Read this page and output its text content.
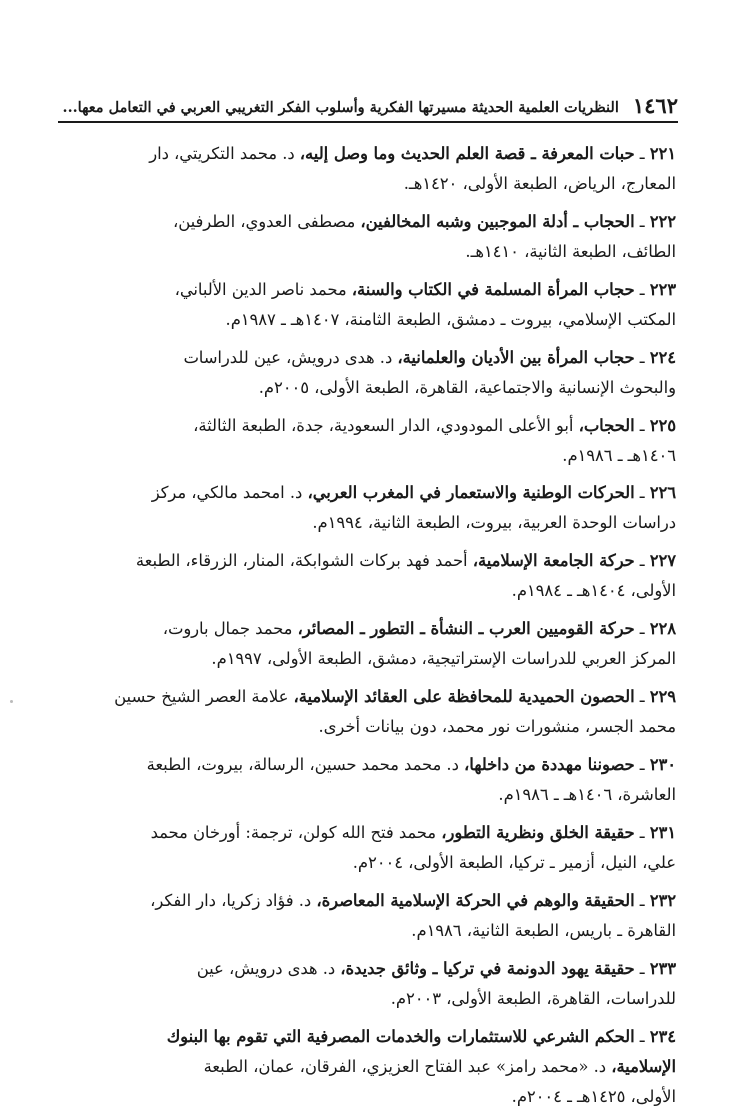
١٤٦٢
النظريات العلمية الحديثة مسيرتها الفكرية وأسلوب الفكر التغريبي العربي في التعامل معها...
٢٢١ ـ حبات المعرفة ـ قصة العلم الحديث وما وصل إليه، د. محمد التكريتي، دار
المعارج، الرياض، الطبعة الأولى، ١٤٢٠هـ.
٢٢٢ ـ الحجاب ـ أدلة الموجبين وشبه المخالفين، مصطفى العدوي، الطرفين،
الطائف، الطبعة الثانية، ١٤١٠هـ.
٢٢٣ ـ حجاب المرأة المسلمة في الكتاب والسنة، محمد ناصر الدين الألباني،
المكتب الإسلامي، بيروت ـ دمشق، الطبعة الثامنة، ١٤٠٧هـ ـ ١٩٨٧م.
٢٢٤ ـ حجاب المرأة بين الأديان والعلمانية، د. هدى درويش، عين للدراسات
والبحوث الإنسانية والاجتماعية، القاهرة، الطبعة الأولى، ٢٠٠٥م.
٢٢٥ ـ الحجاب، أبو الأعلى المودودي، الدار السعودية، جدة، الطبعة الثالثة،
١٤٠٦هـ ـ ١٩٨٦م.
٢٢٦ ـ الحركات الوطنية والاستعمار في المغرب العربي، د. امحمد مالكي، مركز
دراسات الوحدة العربية، بيروت، الطبعة الثانية، ١٩٩٤م.
٢٢٧ ـ حركة الجامعة الإسلامية، أحمد فهد بركات الشوابكة، المنار، الزرقاء، الطبعة
الأولى، ١٤٠٤هـ ـ ١٩٨٤م.
٢٢٨ ـ حركة القوميين العرب ـ النشأة ـ التطور ـ المصائر، محمد جمال باروت،
المركز العربي للدراسات الإستراتيجية، دمشق، الطبعة الأولى، ١٩٩٧م.
٢٢٩ ـ الحصون الحميدية للمحافظة على العقائد الإسلامية، علامة العصر الشيخ حسين
محمد الجسر، منشورات نور محمد، دون بيانات أخرى.
٢٣٠ ـ حصوننا مهددة من داخلها، د. محمد محمد حسين، الرسالة، بيروت، الطبعة
العاشرة، ١٤٠٦هـ ـ ١٩٨٦م.
٢٣١ ـ حقيقة الخلق ونظرية التطور، محمد فتح الله كولن، ترجمة: أورخان محمد
علي، النيل، أزمير ـ تركيا، الطبعة الأولى، ٢٠٠٤م.
٢٣٢ ـ الحقيقة والوهم في الحركة الإسلامية المعاصرة، د. فؤاد زكريا، دار الفكر،
القاهرة ـ باريس، الطبعة الثانية، ١٩٨٦م.
٢٣٣ ـ حقيقة يهود الدونمة في تركيا ـ وثائق جديدة، د. هدى درويش، عين
للدراسات، القاهرة، الطبعة الأولى، ٢٠٠٣م.
٢٣٤ ـ الحكم الشرعي للاستثمارات والخدمات المصرفية التي تقوم بها البنوك
الإسلامية، د. «محمد رامز» عبد الفتاح العزيزي، الفرقان، عمان، الطبعة
الأولى، ١٤٢٥هـ ـ ٢٠٠٤م.
